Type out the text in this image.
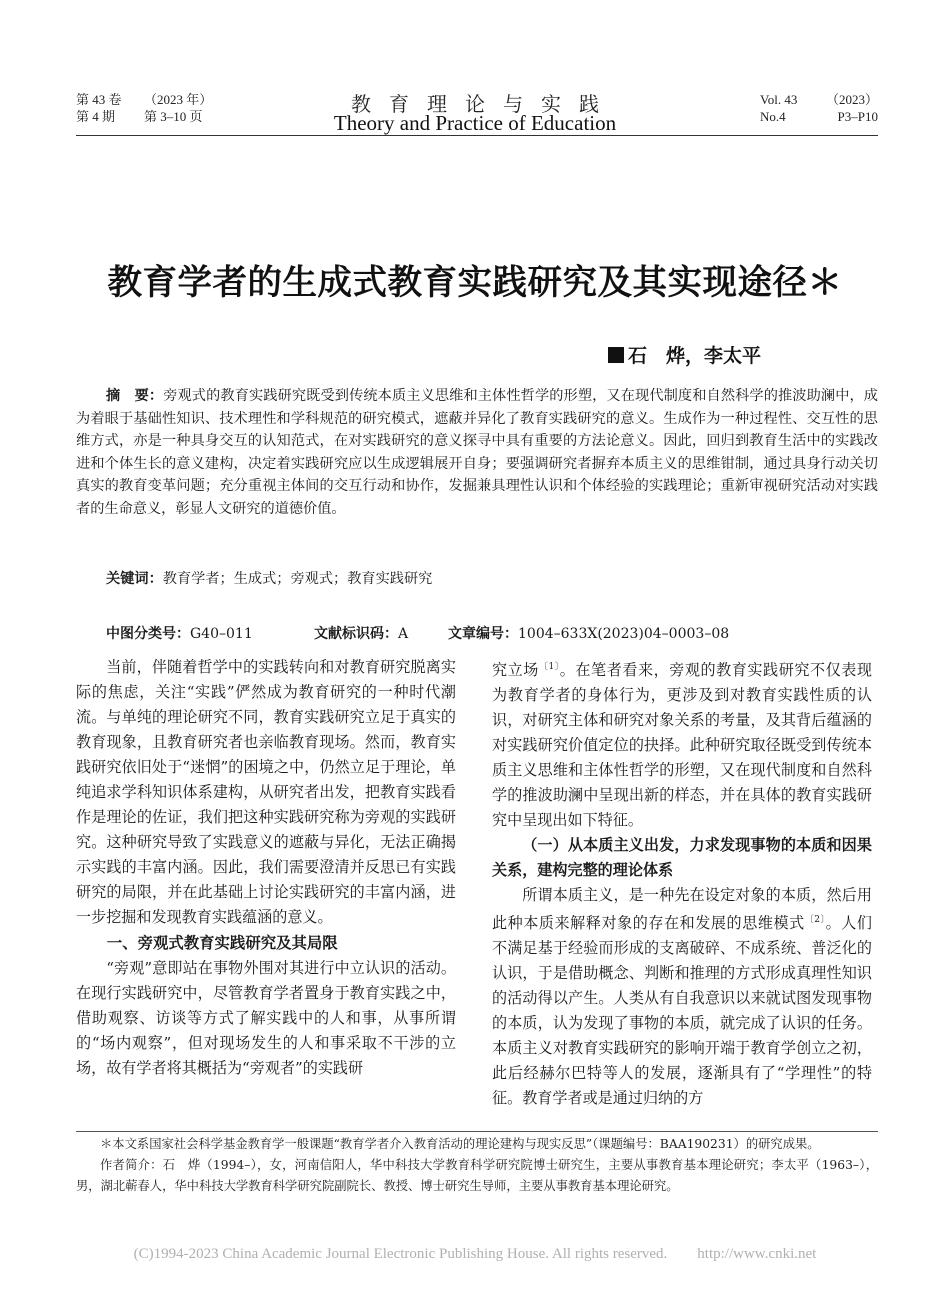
第 43 卷 （2023 年）
第 4 期 第 3–10 页
教育理论与实践
Theory and Practice of Education
Vol. 43 （2023）
No.4	P3–P10
教育学者的生成式教育实践研究及其实现途径＊
石　烨，李太平
摘　要：旁观式的教育实践研究既受到传统本质主义思维和主体性哲学的形塑，又在现代制度和自然科学的推波助澜中，成为着眼于基础性知识、技术理性和学科规范的研究模式，遮蔽并异化了教育实践研究的意义。生成作为一种过程性、交互性的思维方式，亦是一种具身交互的认知范式，在对实践研究的意义探寻中具有重要的方法论意义。因此，回归到教育生活中的实践改进和个体生长的意义建构，决定着实践研究应以生成逻辑展开自身；要强调研究者摒弃本质主义的思维钳制，通过具身行动关切真实的教育变革问题；充分重视主体间的交互行动和协作，发掘兼具理性认识和个体经验的实践理论；重新审视研究活动对实践者的生命意义，彰显人文研究的道德价值。
关键词：教育学者；生成式；旁观式；教育实践研究
中图分类号：G40–011	文献标识码：A	文章编号：1004–633X(2023)04–0003–08

当前，伴随着哲学中的实践转向和对教育研究脱离实际的焦虑，关注“实践”俨然成为教育研究的一种时代潮流。与单纯的理论研究不同，教育实践研究立足于真实的教育现象，且教育研究者也亲临教育现场。然而，教育实践研究依旧处于“迷惘”的困境之中，仍然立足于理论，单纯追求学科知识体系建构，从研究者出发，把教育实践看作是理论的佐证，我们把这种实践研究称为旁观的实践研究。这种研究导致了实践意义的遮蔽与异化，无法正确揭示实践的丰富内涵。因此，我们需要澄清并反思已有实践研究的局限，并在此基础上讨论实践研究的丰富内涵，进一步挖掘和发现教育实践蕴涵的意义。

一、旁观式教育实践研究及其局限

“旁观”意即站在事物外围对其进行中立认识的活动。在现行实践研究中，尽管教育学者置身于教育实践之中，借助观察、访谈等方式了解实践中的人和事，从事所谓的“场内观察”，但对现场发生的人和事采取不干涉的立场，故有学者将其概括为“旁观者”的实践研

究立场$^{〔1〕}$。在笔者看来，旁观的教育实践研究不仅表现为教育学者的身体行为，更涉及到对教育实践性质的认识，对研究主体和研究对象关系的考量，及其背后蕴涵的对实践研究价值定位的抉择。此种研究取径既受到传统本质主义思维和主体性哲学的形塑，又在现代制度和自然科学的推波助澜中呈现出新的样态，并在具体的教育实践研究中呈现出如下特征。

（一）从本质主义出发，力求发现事物的本质和因果关系，建构完整的理论体系

所谓本质主义，是一种先在设定对象的本质，然后用此种本质来解释对象的存在和发展的思维模式$^{〔2〕}$。人们不满足基于经验而形成的支离破碎、不成系统、普泛化的认识，于是借助概念、判断和推理的方式形成真理性知识的活动得以产生。人类从有自我意识以来就试图发现事物的本质，认为发现了事物的本质，就完成了认识的任务。本质主义对教育实践研究的影响开端于教育学创立之初，此后经赫尔巴特等人的发展，逐渐具有了“学理性”的特征。教育学者或是通过归纳的方

＊本文系国家社会科学基金教育学一般课题“教育学者介入教育活动的理论建构与现实反思”（课题编号：BAA190231）的研究成果。

作者简介：石　烨（1994–），女，河南信阳人，华中科技大学教育科学研究院博士研究生，主要从事教育基本理论研究；李太平（1963–），男，湖北蕲春人，华中科技大学教育科学研究院副院长、教授、博士研究生导师，主要从事教育基本理论研究。

(C)1994-2023 China Academic Journal Electronic Publishing House. All rights reserved.　　http://www.cnki.net
